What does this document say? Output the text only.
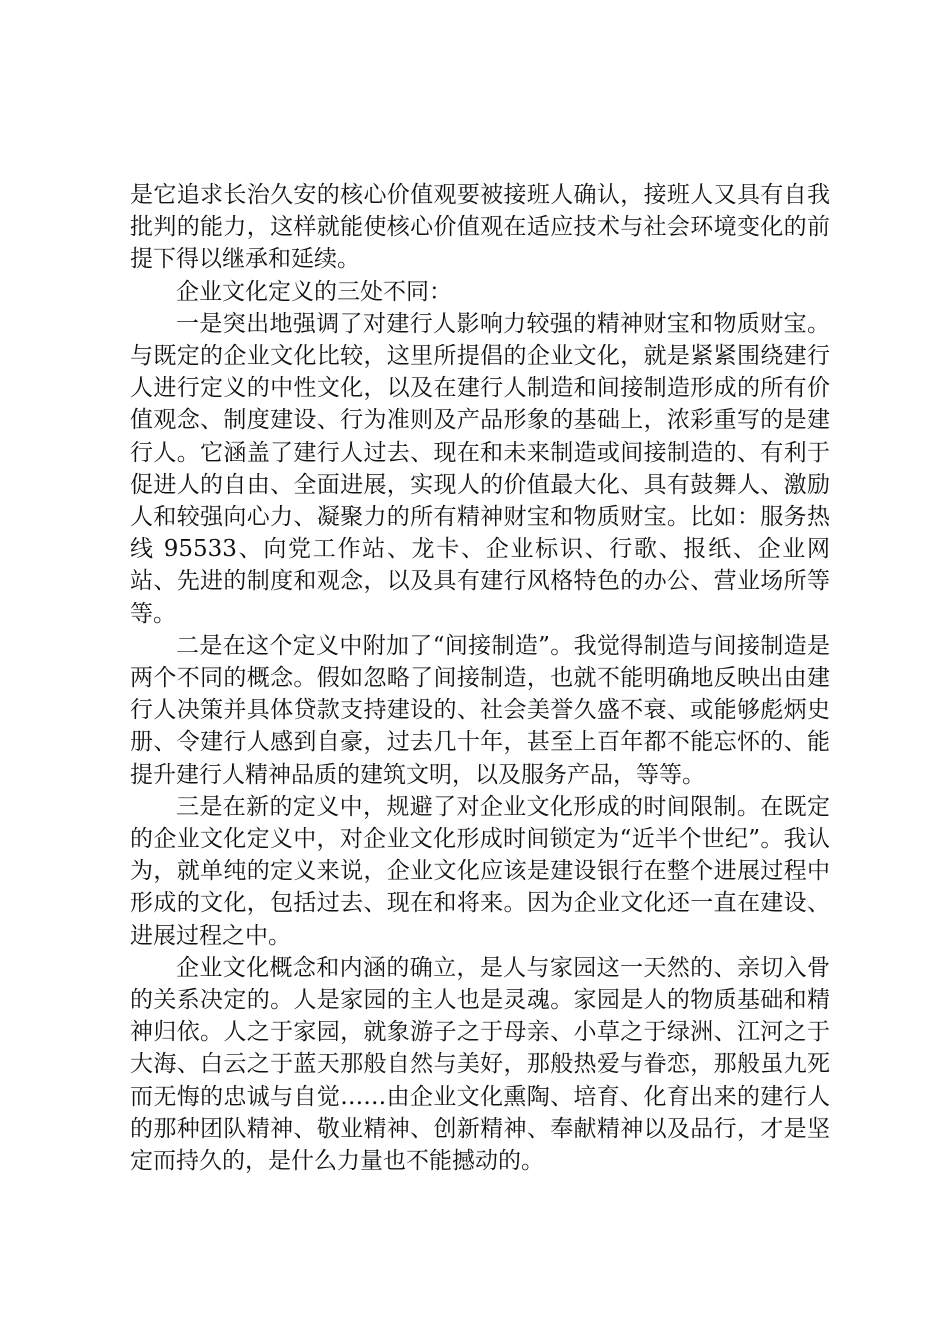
是它追求长治久安的核心价值观要被接班人确认，接班人又具有自我批判的能力，这样就能使核心价值观在适应技术与社会环境变化的前提下得以继承和延续。

企业文化定义的三处不同：

一是突出地强调了对建行人影响力较强的精神财宝和物质财宝。与既定的企业文化比较，这里所提倡的企业文化，就是紧紧围绕建行人进行定义的中性文化，以及在建行人制造和间接制造形成的所有价值观念、制度建设、行为准则及产品形象的基础上，浓彩重写的是建行人。它涵盖了建行人过去、现在和未来制造或间接制造的、有利于促进人的自由、全面进展，实现人的价值最大化、具有鼓舞人、激励人和较强向心力、凝聚力的所有精神财宝和物质财宝。比如：服务热线 95533、向党工作站、龙卡、企业标识、行歌、报纸、企业网站、先进的制度和观念，以及具有建行风格特色的办公、营业场所等等。

二是在这个定义中附加了“间接制造”。我觉得制造与间接制造是两个不同的概念。假如忽略了间接制造，也就不能明确地反映出由建行人决策并具体贷款支持建设的、社会美誉久盛不衰、或能够彪炳史册、令建行人感到自豪，过去几十年，甚至上百年都不能忘怀的、能提升建行人精神品质的建筑文明，以及服务产品，等等。

三是在新的定义中，规避了对企业文化形成的时间限制。在既定的企业文化定义中，对企业文化形成时间锁定为“近半个世纪”。我认为，就单纯的定义来说，企业文化应该是建设银行在整个进展过程中形成的文化，包括过去、现在和将来。因为企业文化还一直在建设、进展过程之中。

企业文化概念和内涵的确立，是人与家园这一天然的、亲切入骨的关系决定的。人是家园的主人也是灵魂。家园是人的物质基础和精神归依。人之于家园，就象游子之于母亲、小草之于绿洲、江河之于大海、白云之于蓝天那般自然与美好，那般热爱与眷恋，那般虽九死而无悔的忠诚与自觉……由企业文化熏陶、培育、化育出来的建行人的那种团队精神、敬业精神、创新精神、奉献精神以及品行，才是坚定而持久的，是什么力量也不能撼动的。
